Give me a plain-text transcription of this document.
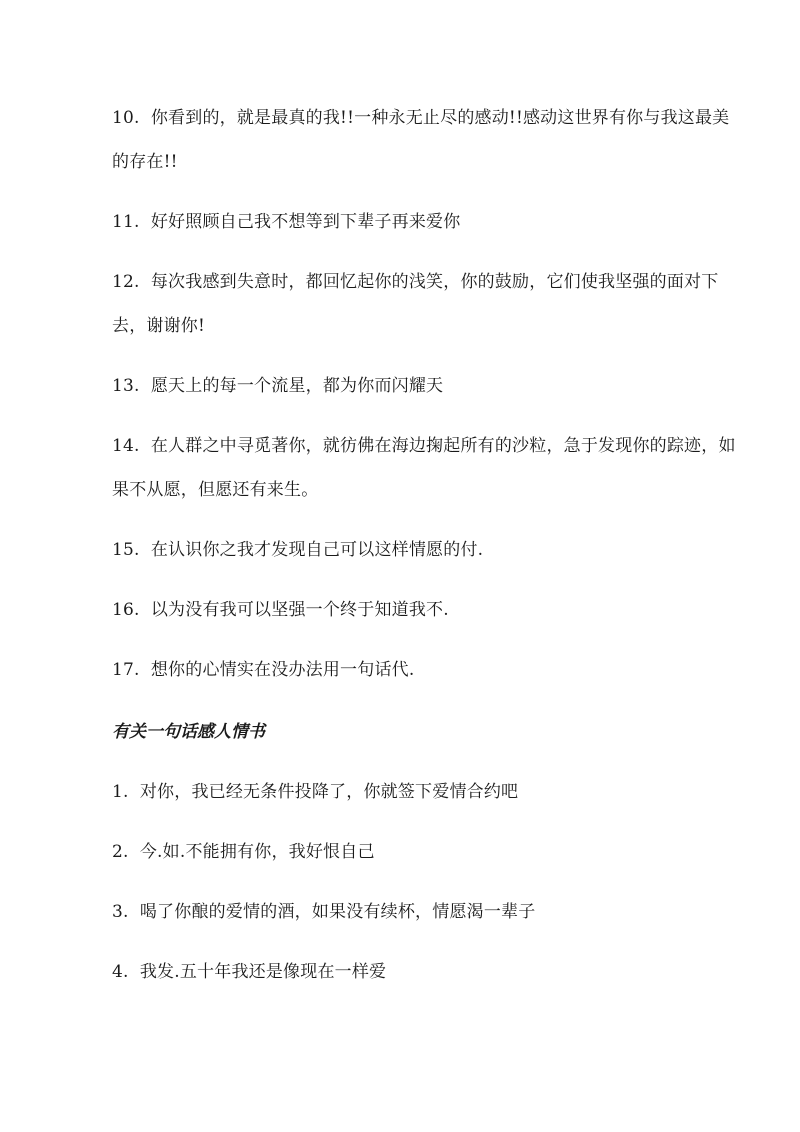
10. 你看到的，就是最真的我!!一种永无止尽的感动!!感动这世界有你与我这最美的存在!!
11. 好好照顾自己我不想等到下辈子再来爱你
12. 每次我感到失意时，都回忆起你的浅笑，你的鼓励，它们使我坚强的面对下去，谢谢你!
13. 愿天上的每一个流星，都为你而闪耀天
14. 在人群之中寻觅著你，就彷佛在海边掬起所有的沙粒，急于发现你的踪迹，如果不从愿，但愿还有来生。
15. 在认识你之我才发现自己可以这样情愿的付.
16. 以为没有我可以坚强一个终于知道我不.
17. 想你的心情实在没办法用一句话代.
有关一句话感人情书
1. 对你，我已经无条件投降了，你就签下爱情合约吧
2. 今.如.不能拥有你，我好恨自己
3. 喝了你酿的爱情的酒，如果没有续杯，情愿渴一辈子
4. 我发.五十年我还是像现在一样爱
